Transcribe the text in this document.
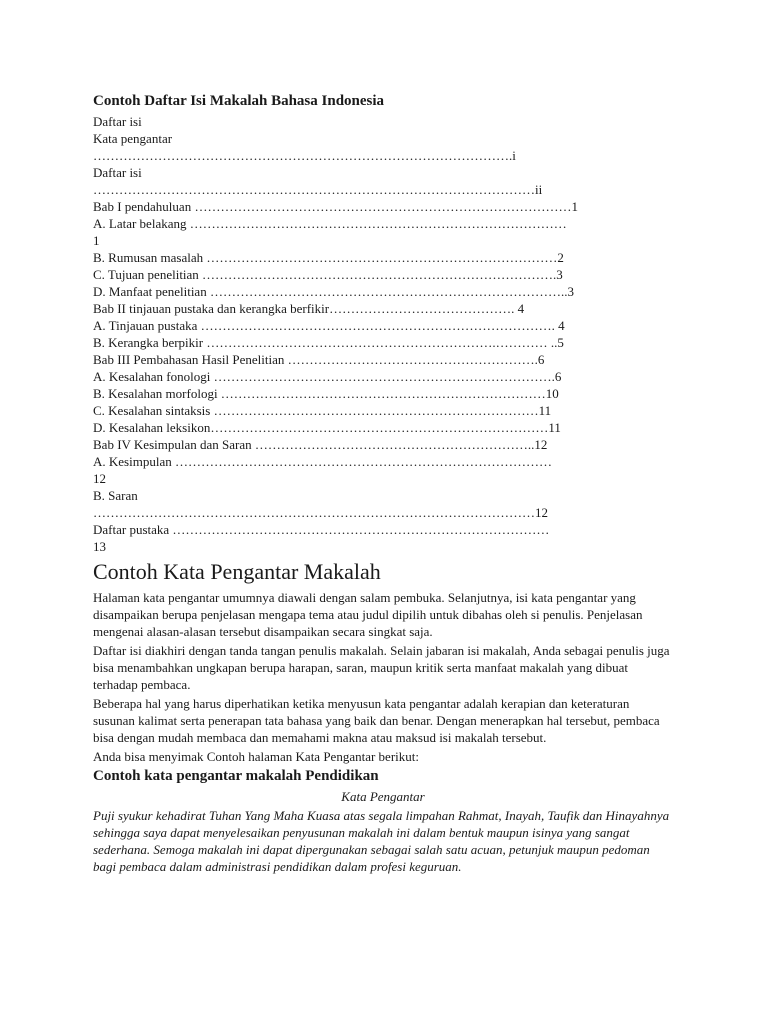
Contoh Daftar Isi Makalah Bahasa Indonesia
Daftar isi
Kata pengantar
…………………………………………………………………………………….i
Daftar isi
…………………………………………………………………………………………ii
Bab I pendahuluan ……………………………………………………………………………1
A. Latar belakang ……………………………………………………………………………
1
B. Rumusan masalah ………………………………………………………………………2
C. Tujuan penelitian ……………………………………………………………………….3
D. Manfaat penelitian ………………………………………………………………………..3
Bab II tinjauan pustaka dan kerangka berfikir……………………………………. 4
A. Tinjauan pustaka ………………………………………………………………………. 4
B. Kerangka berpikir ………………………………………………………….………… ..5
Bab III Pembahasan Hasil Penelitian ………………………………………………….6
A. Kesalahan fonologi …………………………………………………………………….6
B. Kesalahan morfologi …………………………………………………………………10
C. Kesalahan sintaksis …………………………………………………………………11
D. Kesalahan leksikon……………………………………………………………………11
Bab IV Kesimpulan dan Saran ………………………………………………………..12
A. Kesimpulan ……………………………………………………………………………
12
B. Saran
…………………………………………………………………………………………12
Daftar pustaka ……………………………………………………………………………
13
Contoh Kata Pengantar Makalah

Halaman kata pengantar umumnya diawali dengan salam pembuka. Selanjutnya, isi kata pengantar yang disampaikan berupa penjelasan mengapa tema atau judul dipilih untuk dibahas oleh si penulis. Penjelasan mengenai alasan-alasan tersebut disampaikan secara singkat saja.

Daftar isi diakhiri dengan tanda tangan penulis makalah. Selain jabaran isi makalah, Anda sebagai penulis juga bisa menambahkan ungkapan berupa harapan, saran, maupun kritik serta manfaat makalah yang dibuat terhadap pembaca.

Beberapa hal yang harus diperhatikan ketika menyusun kata pengantar adalah kerapian dan keteraturan susunan kalimat serta penerapan tata bahasa yang baik dan benar. Dengan menerapkan hal tersebut, pembaca bisa dengan mudah membaca dan memahami makna atau maksud isi makalah tersebut.

Anda bisa menyimak Contoh halaman Kata Pengantar berikut:

Contoh kata pengantar makalah Pendidikan
Kata Pengantar

Puji syukur kehadirat Tuhan Yang Maha Kuasa atas segala limpahan Rahmat, Inayah, Taufik dan Hinayahnya sehingga saya dapat menyelesaikan penyusunan makalah ini dalam bentuk maupun isinya yang sangat sederhana. Semoga makalah ini dapat dipergunakan sebagai salah satu acuan, petunjuk maupun pedoman bagi pembaca dalam administrasi pendidikan dalam profesi keguruan.
